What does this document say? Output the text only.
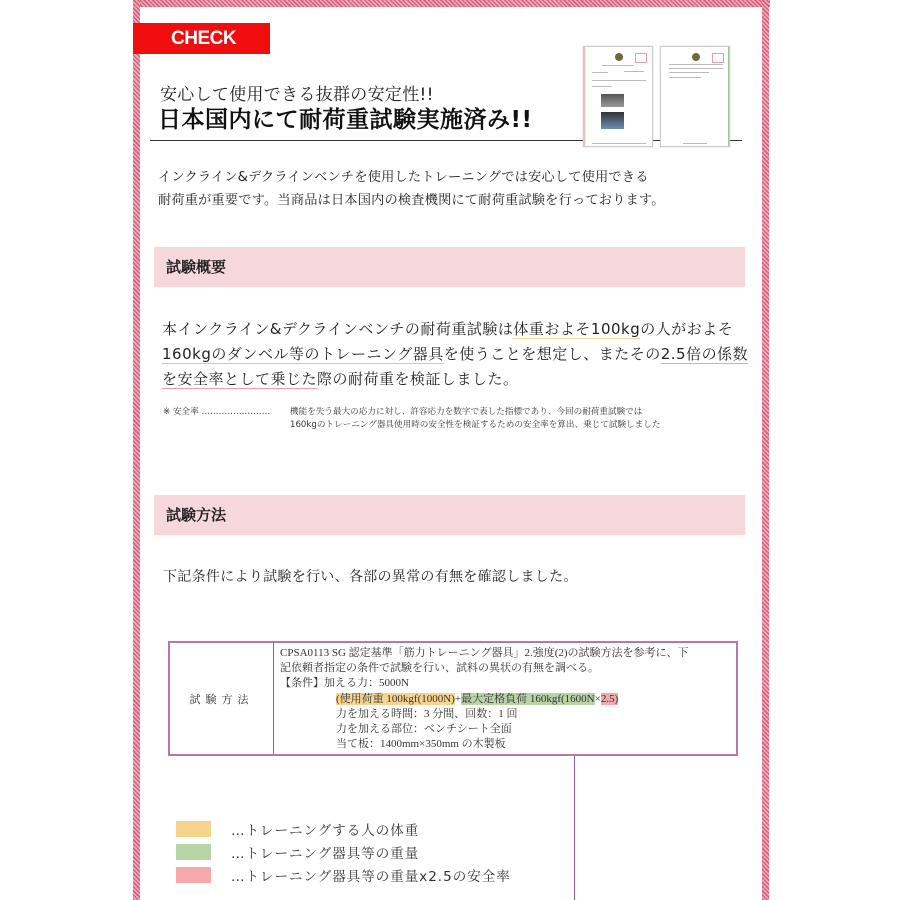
CHECK
安心して使用できる抜群の安定性!!
日本国内にて耐荷重試験実施済み!!
インクライン&デクラインベンチを使用したトレーニングでは安心して使用できる
耐荷重が重要です。当商品は日本国内の検査機関にて耐荷重試験を行っております。
試験概要
本インクライン&デクラインベンチの耐荷重試験は体重およそ100kgの人がおよそ160kgのダンベル等のトレーニング器具を使うことを想定し、またその2.5倍の係数を安全率として乗じた際の耐荷重を検証しました。
※ 安全率 …………………… 機能を失う最大の応力に対し、許容応力を数字で表した指標であり、今回の耐荷重試験では
160kgのトレーニング器具使用時の安全性を検証するための安全率を算出、乗じて試験しました
試験方法
下記条件により試験を行い、各部の異常の有無を確認しました。
試験方法
CPSA0113 SG 認定基準「筋力トレーニング器具」2.強度(2)の試験方法を参考に、下
記依頼者指定の条件で試験を行い、試料の異状の有無を調べる。
【条件】加える力：5000N
(使用荷重 100kgf(1000N)+最大定格負荷 160kgf(1600N×2.5)
力を加える時間：3 分間、回数：1 回
力を加える部位：ベンチシート全面
当て板：1400mm×350mm の木製板
…トレーニングする人の体重
…トレーニング器具等の重量
…トレーニング器具等の重量x2.5の安全率
